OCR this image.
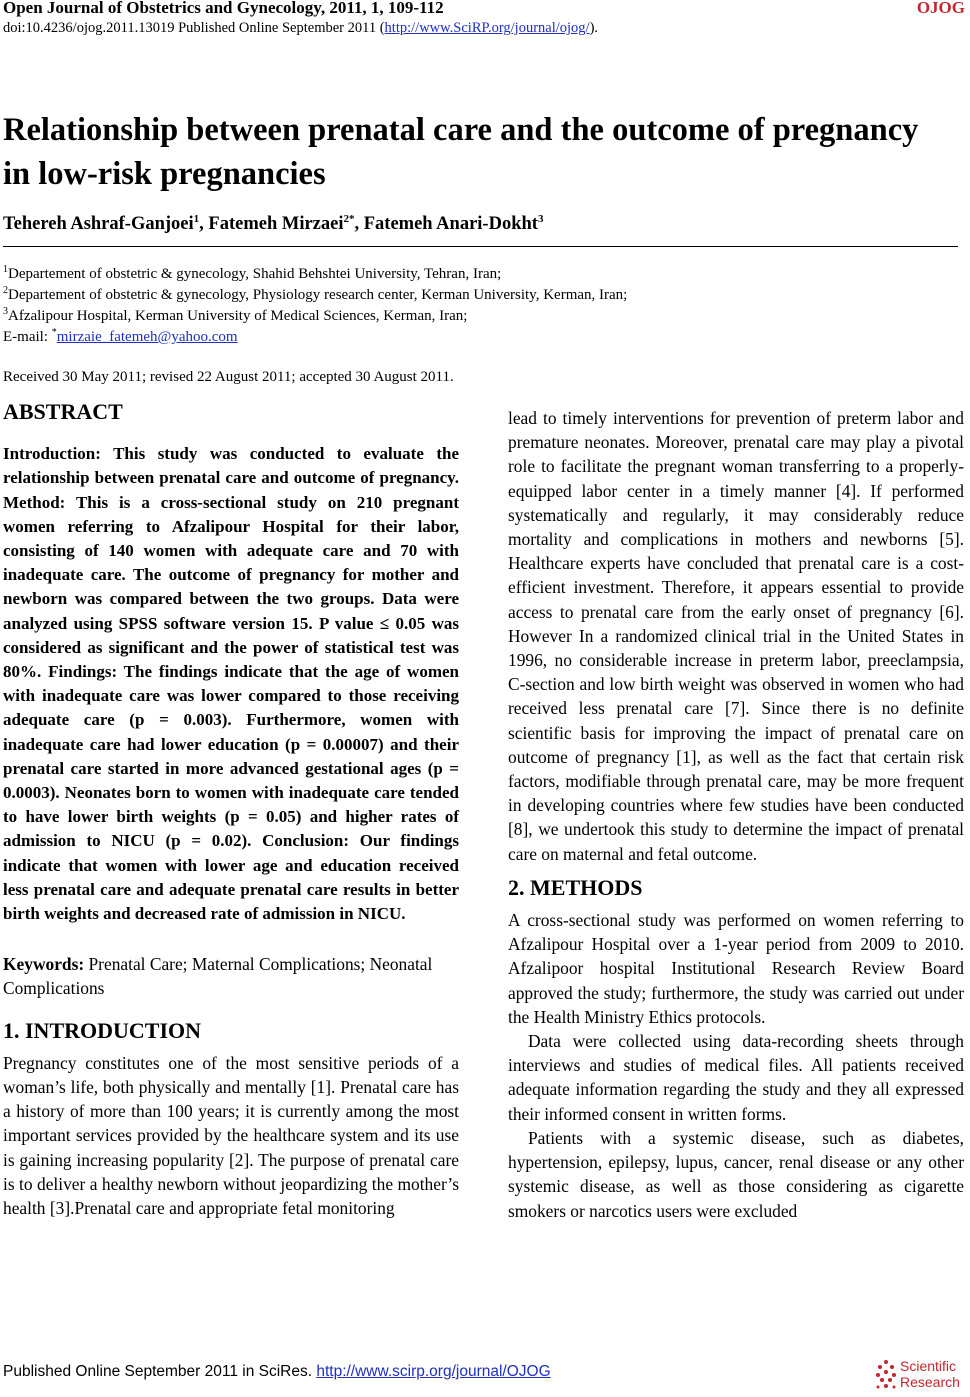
Open Journal of Obstetrics and Gynecology, 2011, 1, 109-112	OJOG
doi:10.4236/ojog.2011.13019 Published Online September 2011 (http://www.SciRP.org/journal/ojog/).
Relationship between prenatal care and the outcome of pregnancy in low-risk pregnancies
Tehereh Ashraf-Ganjoei$^1$, Fatemeh Mirzaei$^{2*}$, Fatemeh Anari-Dokht$^3$
$^1$Departement of obstetric & gynecology, Shahid Behshtei University, Tehran, Iran;
$^2$Departement of obstetric & gynecology, Physiology research center, Kerman University, Kerman, Iran;
$^3$Afzalipour Hospital, Kerman University of Medical Sciences, Kerman, Iran;
E-mail: *mirzaie_fatemeh@yahoo.com
Received 30 May 2011; revised 22 August 2011; accepted 30 August 2011.

ABSTRACT

Introduction: This study was conducted to evaluate the relationship between prenatal care and outcome of pregnancy. Method: This is a cross-sectional study on 210 pregnant women referring to Afzalipour Hospital for their labor, consisting of 140 women with adequate care and 70 with inadequate care. The outcome of pregnancy for mother and newborn was compared between the two groups. Data were analyzed using SPSS software version 15. P value ≤ 0.05 was considered as significant and the power of statistical test was 80%. Findings: The findings indicate that the age of women with inadequate care was lower compared to those receiving adequate care (p = 0.003). Furthermore, women with inadequate care had lower education (p = 0.00007) and their prenatal care started in more advanced gestational ages (p = 0.0003). Neonates born to women with inadequate care tended to have lower birth weights (p = 0.05) and higher rates of admission to NICU (p = 0.02). Conclusion: Our findings indicate that women with lower age and education received less prenatal care and adequate prenatal care results in better birth weights and decreased rate of admission in NICU.

Keywords: Prenatal Care; Maternal Complications; Neonatal Complications

1. INTRODUCTION

Pregnancy constitutes one of the most sensitive periods of a woman’s life, both physically and mentally [1]. Prenatal care has a history of more than 100 years; it is currently among the most important services provided by the healthcare system and its use is gaining increasing popularity [2]. The purpose of prenatal care is to deliver a healthy newborn without jeopardizing the mother’s health [3].Prenatal care and appropriate fetal monitoring

lead to timely interventions for prevention of preterm labor and premature neonates. Moreover, prenatal care may play a pivotal role to facilitate the pregnant woman transferring to a properly-equipped labor center in a timely manner [4]. If performed systematically and regularly, it may considerably reduce mortality and complications in mothers and newborns [5]. Healthcare experts have concluded that prenatal care is a cost-efficient investment. Therefore, it appears essential to provide access to prenatal care from the early onset of pregnancy [6]. However In a randomized clinical trial in the United States in 1996, no considerable increase in preterm labor, preeclampsia, C-section and low birth weight was observed in women who had received less prenatal care [7]. Since there is no definite scientific basis for improving the impact of prenatal care on outcome of pregnancy [1], as well as the fact that certain risk factors, modifiable through prenatal care, may be more frequent in developing countries where few studies have been conducted [8], we undertook this study to determine the impact of prenatal care on maternal and fetal outcome.

2. METHODS

A cross-sectional study was performed on women referring to Afzalipour Hospital over a 1-year period from 2009 to 2010. Afzalipoor hospital Institutional Research Review Board approved the study; furthermore, the study was carried out under the Health Ministry Ethics protocols.

Data were collected using data-recording sheets through interviews and studies of medical files. All patients received adequate information regarding the study and they all expressed their informed consent in written forms.

Patients with a systemic disease, such as diabetes, hypertension, epilepsy, lupus, cancer, renal disease or any other systemic disease, as well as those considering as cigarette smokers or narcotics users were excluded

Published Online September 2011 in SciRes. http://www.scirp.org/journal/OJOG	Scientific
Research
